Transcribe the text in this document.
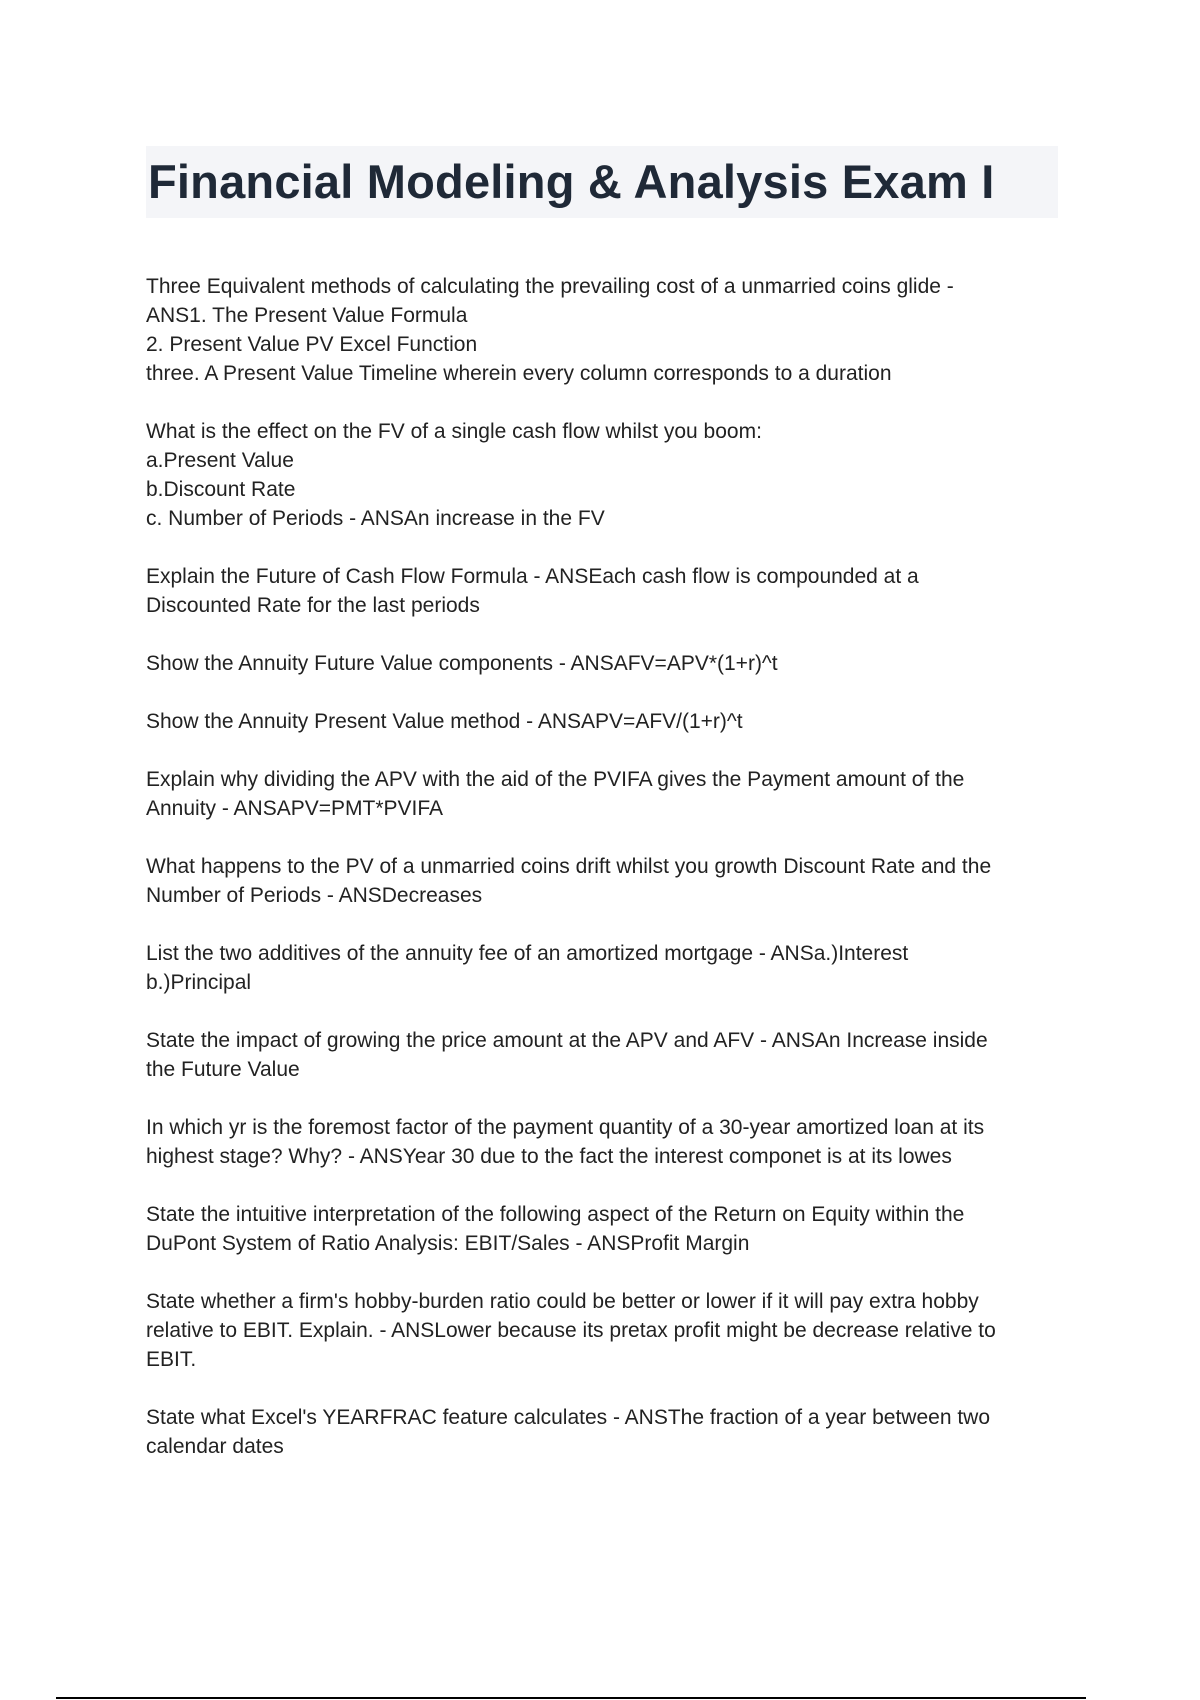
Financial Modeling & Analysis Exam I

Three Equivalent methods of calculating the prevailing cost of a unmarried coins glide -
ANS1. The Present Value Formula
2. Present Value PV Excel Function
three. A Present Value Timeline wherein every column corresponds to a duration

What is the effect on the FV of a single cash flow whilst you boom:
a.Present Value
b.Discount Rate
c. Number of Periods - ANSAn increase in the FV

Explain the Future of Cash Flow Formula - ANSEach cash flow is compounded at a
Discounted Rate for the last periods

Show the Annuity Future Value components - ANSAFV=APV*(1+r)^t

Show the Annuity Present Value method - ANSAPV=AFV/(1+r)^t

Explain why dividing the APV with the aid of the PVIFA gives the Payment amount of the
Annuity - ANSAPV=PMT*PVIFA

What happens to the PV of a unmarried coins drift whilst you growth Discount Rate and the
Number of Periods - ANSDecreases

List the two additives of the annuity fee of an amortized mortgage - ANSa.)Interest
b.)Principal

State the impact of growing the price amount at the APV and AFV - ANSAn Increase inside
the Future Value

In which yr is the foremost factor of the payment quantity of a 30-year amortized loan at its
highest stage? Why? - ANSYear 30 due to the fact the interest componet is at its lowes

State the intuitive interpretation of the following aspect of the Return on Equity within the
DuPont System of Ratio Analysis: EBIT/Sales - ANSProfit Margin

State whether a firm's hobby-burden ratio could be better or lower if it will pay extra hobby
relative to EBIT. Explain. - ANSLower because its pretax profit might be decrease relative to
EBIT.

State what Excel's YEARFRAC feature calculates - ANSThe fraction of a year between two
calendar dates
